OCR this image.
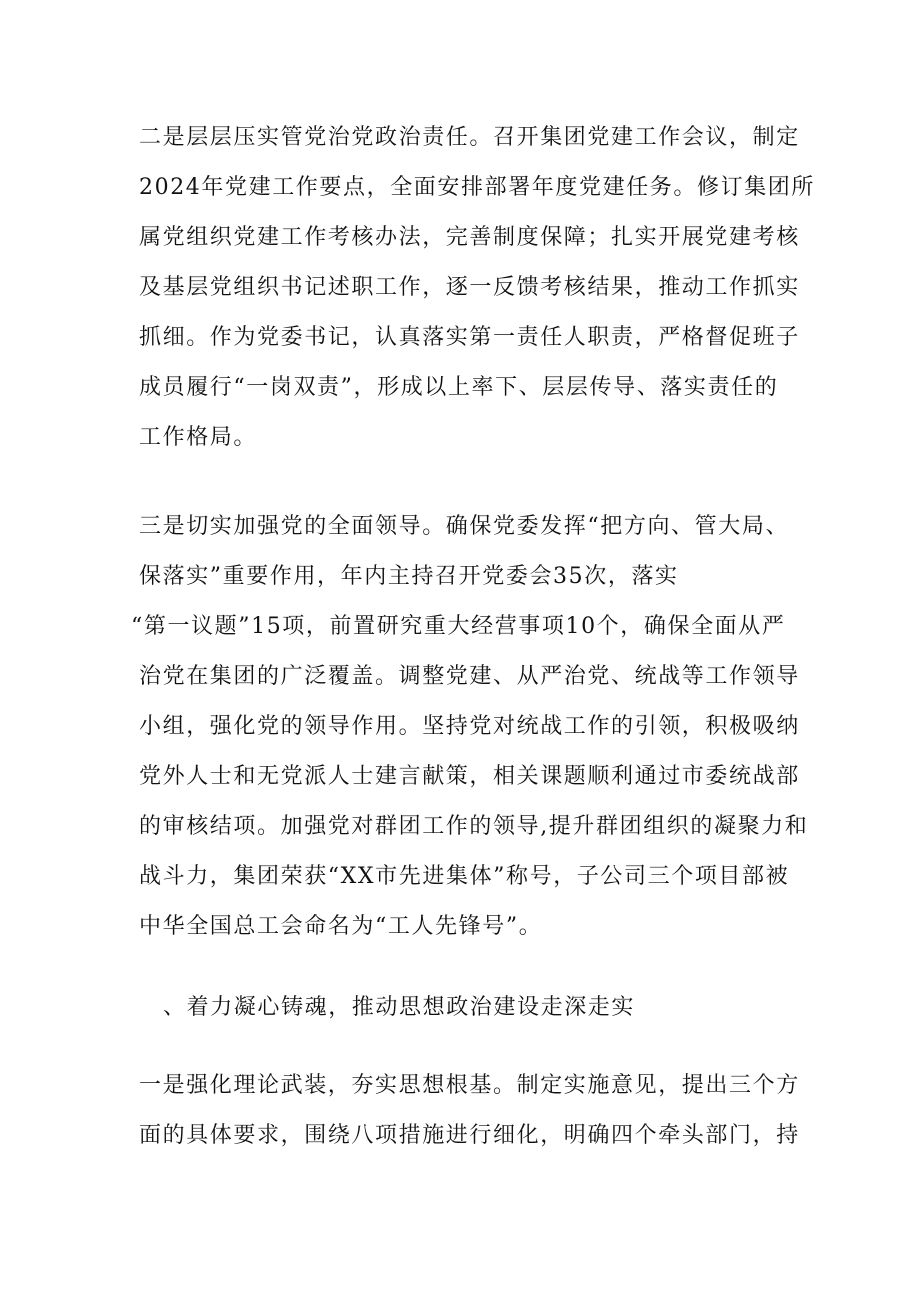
二是层层压实管党治党政治责任。召开集团党建工作会议，制定
2024年党建工作要点，全面安排部署年度党建任务。修订集团所
属党组织党建工作考核办法，完善制度保障；扎实开展党建考核
及基层党组织书记述职工作，逐一反馈考核结果，推动工作抓实
抓细。作为党委书记，认真落实第一责任人职责，严格督促班子
成员履行“一岗双责”，形成以上率下、层层传导、落实责任的
工作格局。
三是切实加强党的全面领导。确保党委发挥“把方向、管大局、
保落实”重要作用，年内主持召开党委会35次，落实
“第一议题”15项，前置研究重大经营事项10个，确保全面从严
治党在集团的广泛覆盖。调整党建、从严治党、统战等工作领导
小组，强化党的领导作用。坚持党对统战工作的引领，积极吸纳
党外人士和无党派人士建言献策，相关课题顺利通过市委统战部
的审核结项。加强党对群团工作的领导,提升群团组织的凝聚力和
战斗力，集团荣获“XX市先进集体”称号，子公司三个项目部被
中华全国总工会命名为“工人先锋号”。
、着力凝心铸魂，推动思想政治建设走深走实
一是强化理论武装，夯实思想根基。制定实施意见，提出三个方
面的具体要求，围绕八项措施进行细化，明确四个牵头部门，持
